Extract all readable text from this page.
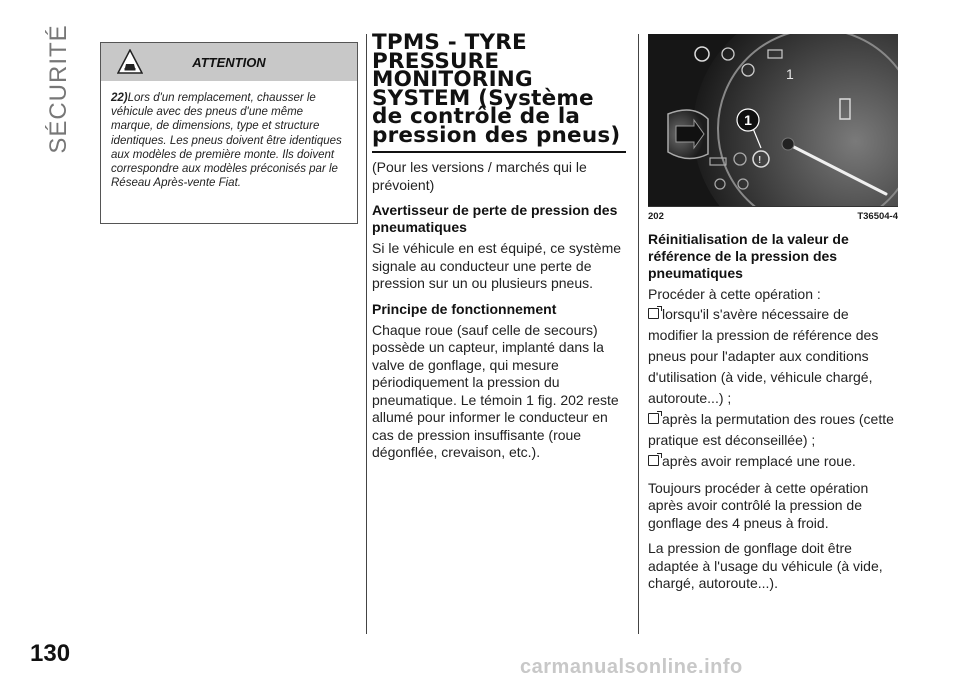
SÉCURITÉ
130	carmanualsonline.info
ATTENTION
22)Lors d'un remplacement, chausser le véhicule avec des pneus d'une même marque, de dimensions, type et structure identiques. Les pneus doivent être identiques aux modèles de première monte. Ils doivent correspondre aux modèles préconisés par le Réseau Après-vente Fiat.
TPMS - TYRE PRESSURE MONITORING SYSTEM (Système de contrôle de la pression des pneus)

(Pour les versions / marchés qui le prévoient)

Avertisseur de perte de pression des pneumatiques

Si le véhicule en est équipé, ce système signale au conducteur une perte de pression sur un ou plusieurs pneus.

Principe de fonctionnement

Chaque roue (sauf celle de secours) possède un capteur, implanté dans la valve de gonflage, qui mesure périodiquement la pression du pneumatique. Le témoin 1 fig. 202 reste allumé pour informer le conducteur en cas de pression insuffisante (roue dégonflée, crevaison, etc.).

1
!
1
202	T36504-4

Réinitialisation de la valeur de référence de la pression des pneumatiques

Procéder à cette opération :

lorsqu'il s'avère nécessaire de modifier la pression de référence des pneus pour l'adapter aux conditions d'utilisation (à vide, véhicule chargé, autoroute...) ;

après la permutation des roues (cette pratique est déconseillée) ;

après avoir remplacé une roue.

Toujours procéder à cette opération après avoir contrôlé la pression de gonflage des 4 pneus à froid.

La pression de gonflage doit être adaptée à l'usage du véhicule (à vide, chargé, autoroute...).
